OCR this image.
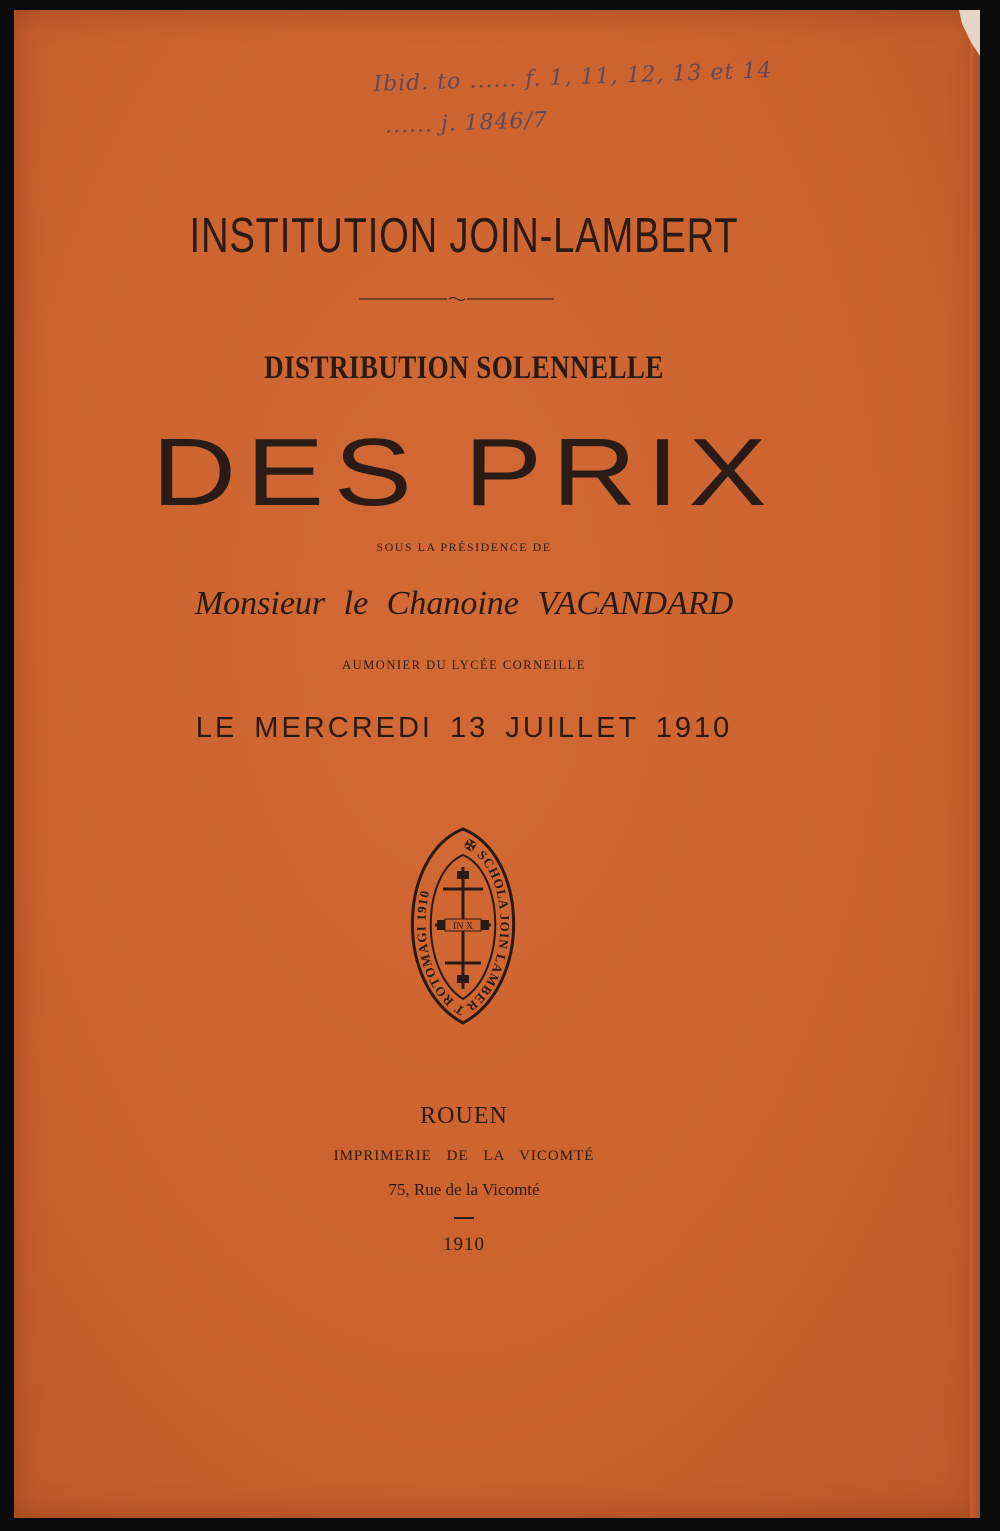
Ibid. to ...... f. 1, 11, 12, 13 et 14
...... j. 1846/7
INSTITUTION JOIN-LAMBERT
DISTRIBUTION SOLENNELLE
DES PRIX
SOUS LA PRÉSIDENCE DE
Monsieur le Chanoine VACANDARD
AUMONIER DU LYCÉE CORNEILLE
LE MERCREDI 13 JUILLET 1910
✠ SCHOLA JOIN LAMBERT ROTOMAGI 1910
IN X
ROUEN
IMPRIMERIE DE LA VICOMTÉ
75, Rue de la Vicomté
1910
